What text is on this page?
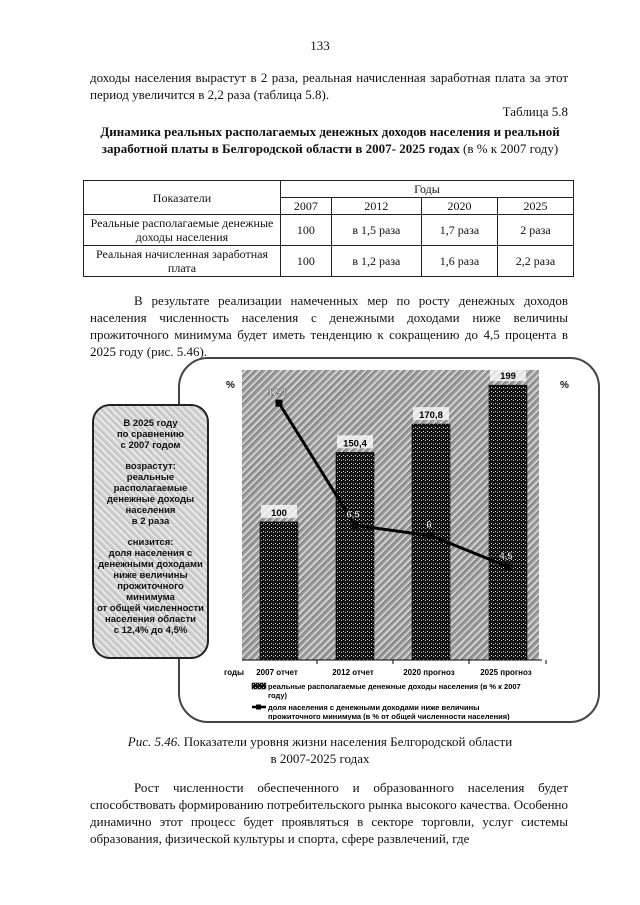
133
доходы населения вырастут в 2 раза, реальная начисленная заработная плата за этот период увеличится в 2,2 раза (таблица 5.8).
Таблица 5.8
Динамика реальных располагаемых денежных доходов населения и реальной заработной платы в Белгородской области в 2007- 2025 годах (в % к 2007 году)
Показатели	Годы			
	2007	2012	2020	2025
Реальные располагаемые денежные доходы населения	100	в 1,5 раза	1,7 раза	2 раза
Реальная начисленная заработная плата	100	в 1,2 раза	1,6 раза	2,2 раза
В результате реализации намеченных мер по росту денежных доходов населения численность населения с денежными доходами ниже величины прожиточного минимума будет иметь тенденцию к сокращению до 4,5 процента в 2025 году (рис. 5.46).
%	%
100
150,4
170,8
199
12,4
6,5
6
4,5
годы 2007 отчет	2012 отчет	2020 прогноз	2025 прогноз
реальные располагаемые денежные доходы населения (в % к 2007 году)
доля населения с денежными доходами ниже величины прожиточного минимума (в % от общей численности населения)
В 2025 году
по сравнению
с 2007 годом
возрастут:
реальные
располагаемые
денежные доходы
населения
в 2 раза
снизится:
доля населения с
денежными доходами
ниже величины
прожиточного
минимума
от общей численности
населения области
с 12,4% до 4,5%
Рис. 5.46. Показатели уровня жизни населения Белгородской области
в 2007-2025 годах
Рост численности обеспеченного и образованного населения будет способствовать формированию потребительского рынка высокого качества. Особенно динамично этот процесс будет проявляться в секторе торговли, услуг системы образования, физической культуры и спорта, сфере развлечений, где
